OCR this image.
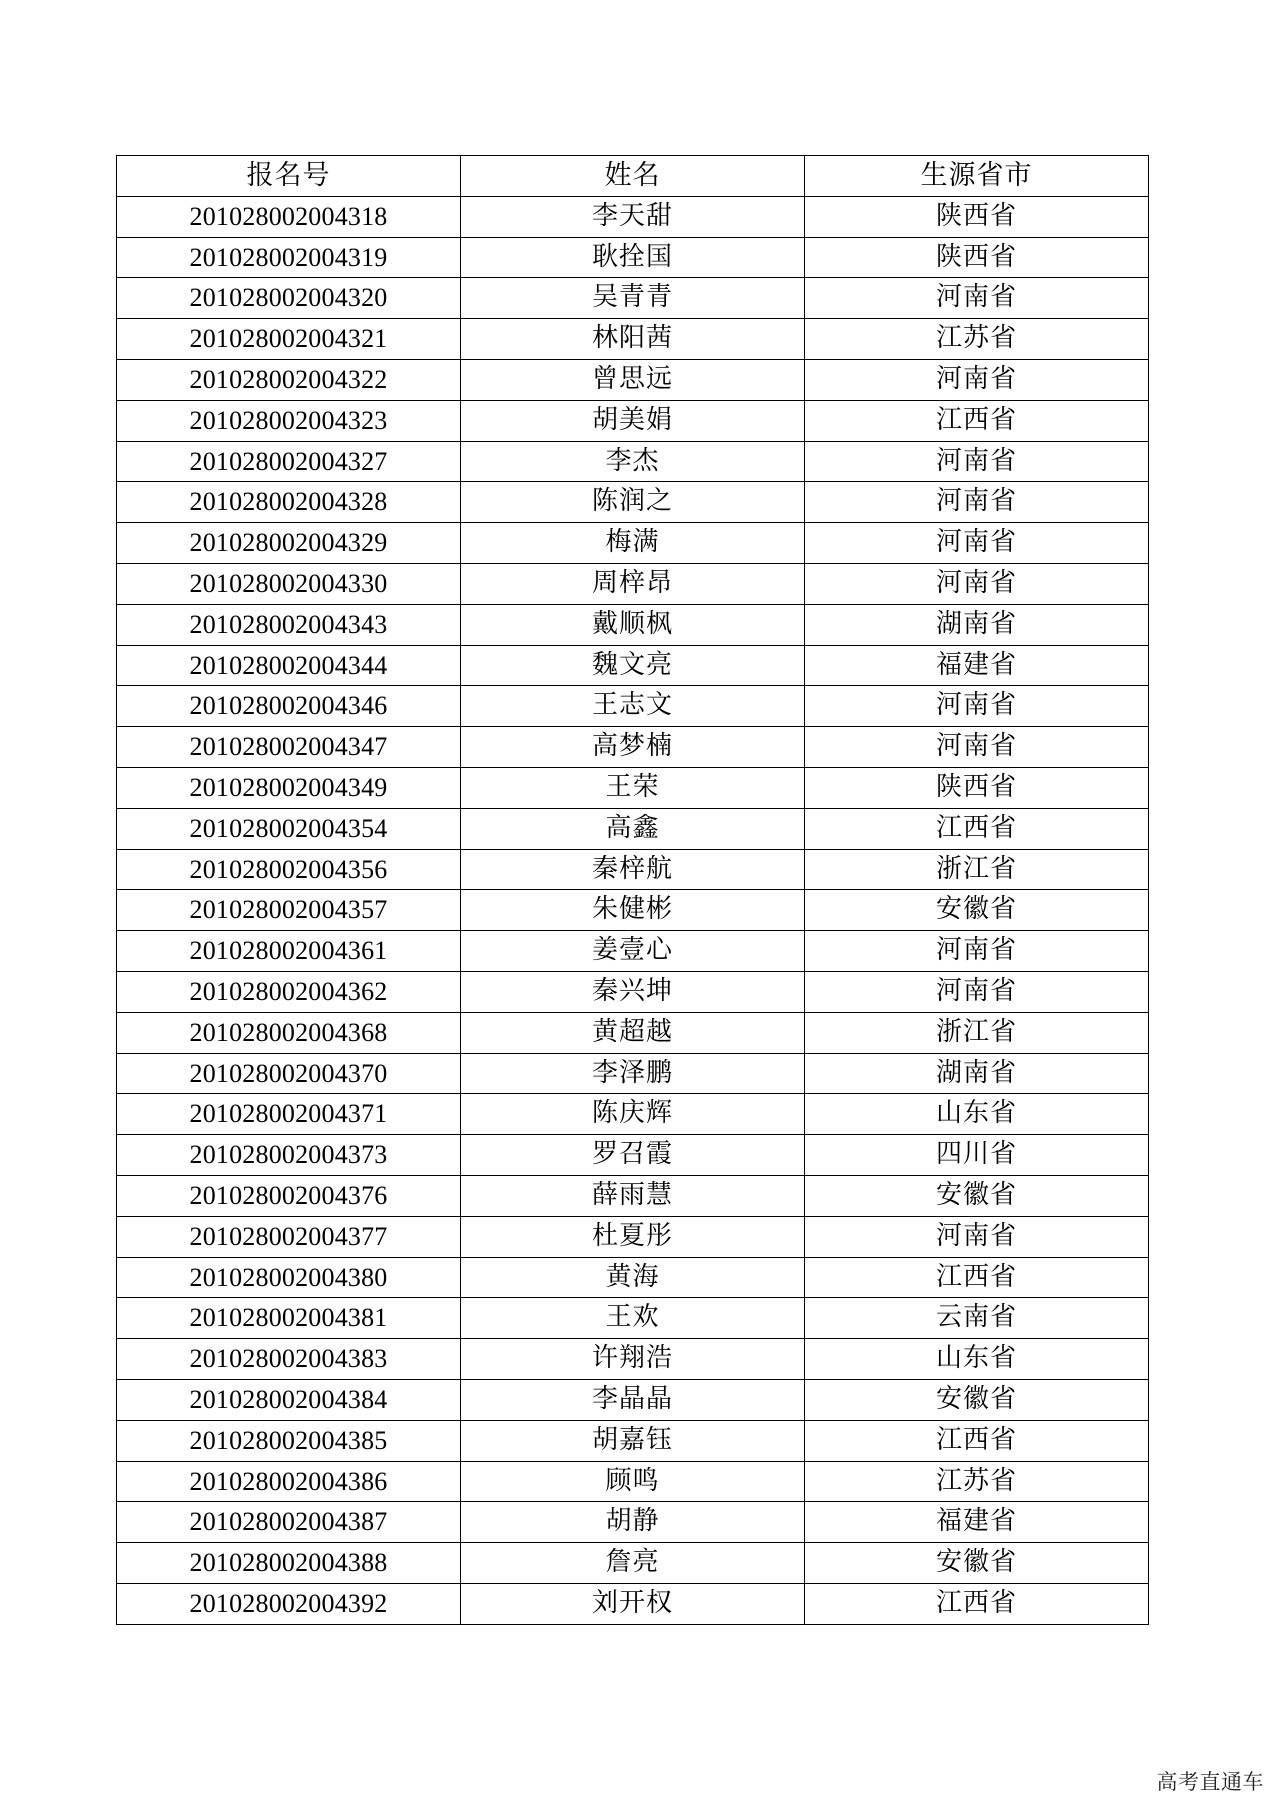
报名号	姓名	生源省市
201028002004318	李天甜	陕西省
201028002004319	耿拴国	陕西省
201028002004320	吴青青	河南省
201028002004321	林阳茜	江苏省
201028002004322	曾思远	河南省
201028002004323	胡美娟	江西省
201028002004327	李杰	河南省
201028002004328	陈润之	河南省
201028002004329	梅满	河南省
201028002004330	周梓昂	河南省
201028002004343	戴顺枫	湖南省
201028002004344	魏文亮	福建省
201028002004346	王志文	河南省
201028002004347	高梦楠	河南省
201028002004349	王荣	陕西省
201028002004354	高鑫	江西省
201028002004356	秦梓航	浙江省
201028002004357	朱健彬	安徽省
201028002004361	姜壹心	河南省
201028002004362	秦兴坤	河南省
201028002004368	黄超越	浙江省
201028002004370	李泽鹏	湖南省
201028002004371	陈庆辉	山东省
201028002004373	罗召霞	四川省
201028002004376	薛雨慧	安徽省
201028002004377	杜夏彤	河南省
201028002004380	黄海	江西省
201028002004381	王欢	云南省
201028002004383	许翔浩	山东省
201028002004384	李晶晶	安徽省
201028002004385	胡嘉钰	江西省
201028002004386	顾鸣	江苏省
201028002004387	胡静	福建省
201028002004388	詹亮	安徽省
201028002004392	刘开权	江西省
高考直通车
